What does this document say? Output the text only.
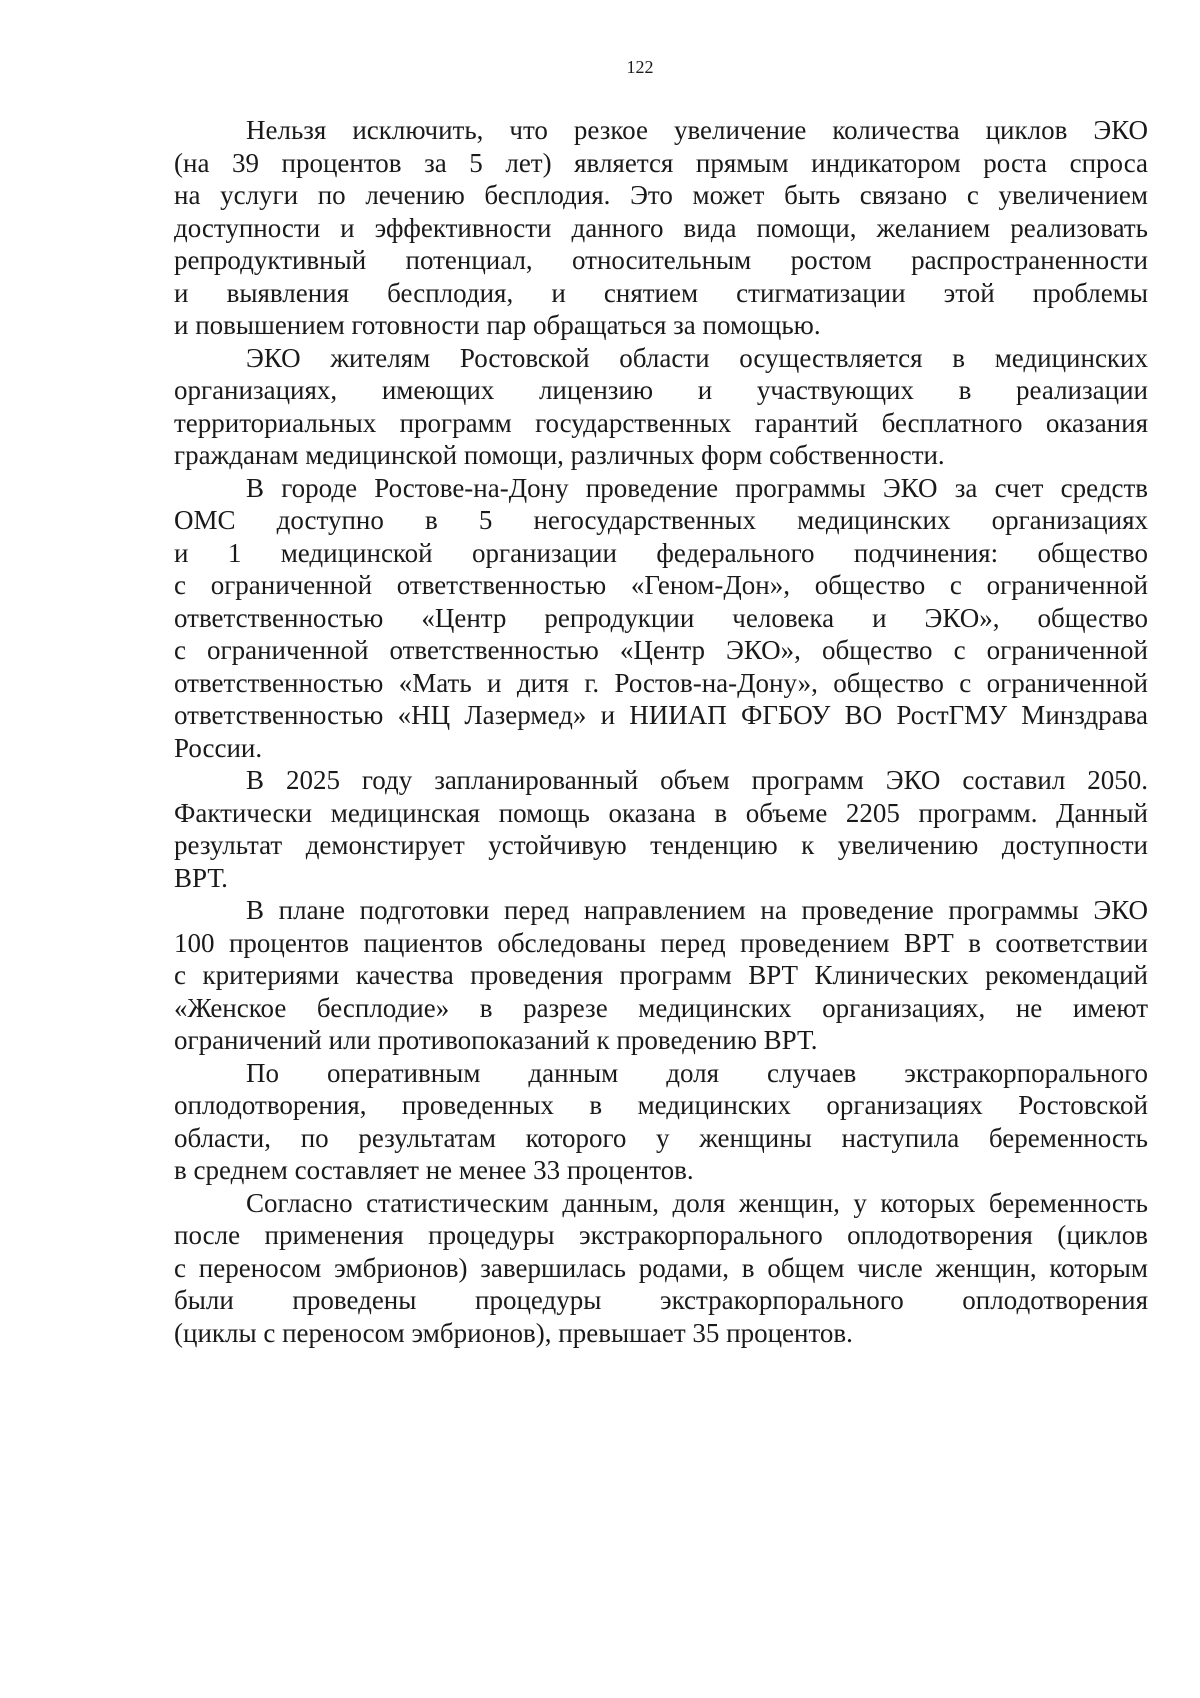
122
Нельзя исключить, что резкое увеличение количества циклов ЭКО
(на 39 процентов за 5 лет) является прямым индикатором роста спроса
на услуги по лечению бесплодия. Это может быть связано с увеличением
доступности и эффективности данного вида помощи, желанием реализовать
репродуктивный потенциал, относительным ростом распространенности
и выявления бесплодия, и снятием стигматизации этой проблемы
и повышением готовности пар обращаться за помощью.
ЭКО жителям Ростовской области осуществляется в медицинских
организациях, имеющих лицензию и участвующих в реализации
территориальных программ государственных гарантий бесплатного оказания
гражданам медицинской помощи, различных форм собственности.
В городе Ростове-на-Дону проведение программы ЭКО за счет средств
ОМС доступно в 5 негосударственных медицинских организациях
и 1 медицинской организации федерального подчинения: общество
с ограниченной ответственностью «Геном-Дон», общество с ограниченной
ответственностью «Центр репродукции человека и ЭКО», общество
с ограниченной ответственностью «Центр ЭКО», общество с ограниченной
ответственностью «Мать и дитя г. Ростов-на-Дону», общество с ограниченной
ответственностью «НЦ Лазермед» и НИИАП ФГБОУ ВО РостГМУ Минздрава
России.
В 2025 году запланированный объем программ ЭКО составил 2050.
Фактически медицинская помощь оказана в объеме 2205 программ. Данный
результат демонстирует устойчивую тенденцию к увеличению доступности
ВРТ.
В плане подготовки перед направлением на проведение программы ЭКО
100 процентов пациентов обследованы перед проведением ВРТ в соответствии
с критериями качества проведения программ ВРТ Клинических рекомендаций
«Женское бесплодие» в разрезе медицинских организациях, не имеют
ограничений или противопоказаний к проведению ВРТ.
По оперативным данным доля случаев экстракорпорального
оплодотворения, проведенных в медицинских организациях Ростовской
области, по результатам которого у женщины наступила беременность
в среднем составляет не менее 33 процентов.
Согласно статистическим данным, доля женщин, у которых беременность
после применения процедуры экстракорпорального оплодотворения (циклов
с переносом эмбрионов) завершилась родами, в общем числе женщин, которым
были проведены процедуры экстракорпорального оплодотворения
(циклы с переносом эмбрионов), превышает 35 процентов.
